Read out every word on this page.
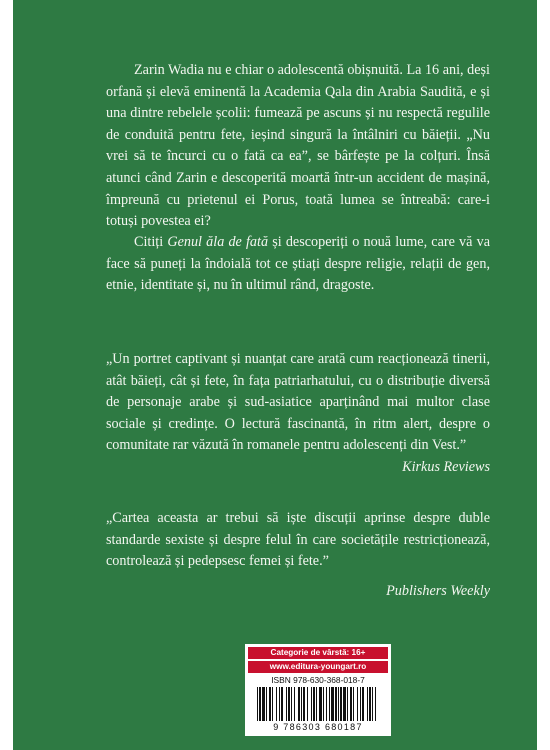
Zarin Wadia nu e chiar o adolescentă obișnuită. La 16 ani, deși orfană și elevă eminentă la Academia Qala din Arabia Saudită, e și una dintre rebelele școlii: fumează pe ascuns și nu respectă regulile de conduită pentru fete, ieșind singură la întâlniri cu băieții. „Nu vrei să te încurci cu o fată ca ea”, se bârfește pe la colțuri. Însă atunci când Zarin e descoperită moartă într-un accident de mașină, împreună cu prietenul ei Porus, toată lumea se întreabă: care-i totuși povestea ei?

Citiți Genul ăla de fată și descoperiți o nouă lume, care vă va face să puneți la îndoială tot ce știați despre religie, relații de gen, etnie, identitate și, nu în ultimul rând, dragoste.

„Un portret captivant și nuanțat care arată cum reacționează tinerii, atât băieți, cât și fete, în fața patriarhatului, cu o distribuție diversă de personaje arabe și sud-asiatice aparținând mai multor clase sociale și credințe. O lectură fascinantă, în ritm alert, despre o comunitate rar văzută în romanele pentru adolescenți din Vest.”
Kirkus Reviews
„Cartea aceasta ar trebui să iște discuții aprinse despre duble standarde sexiste și despre felul în care societățile restricționează, controlează și pedepsesc femei și fete.”
Publishers Weekly
Categorie de vârstă: 16+
www.editura-youngart.ro
ISBN 978-630-368-018-7
9 786303 680187
